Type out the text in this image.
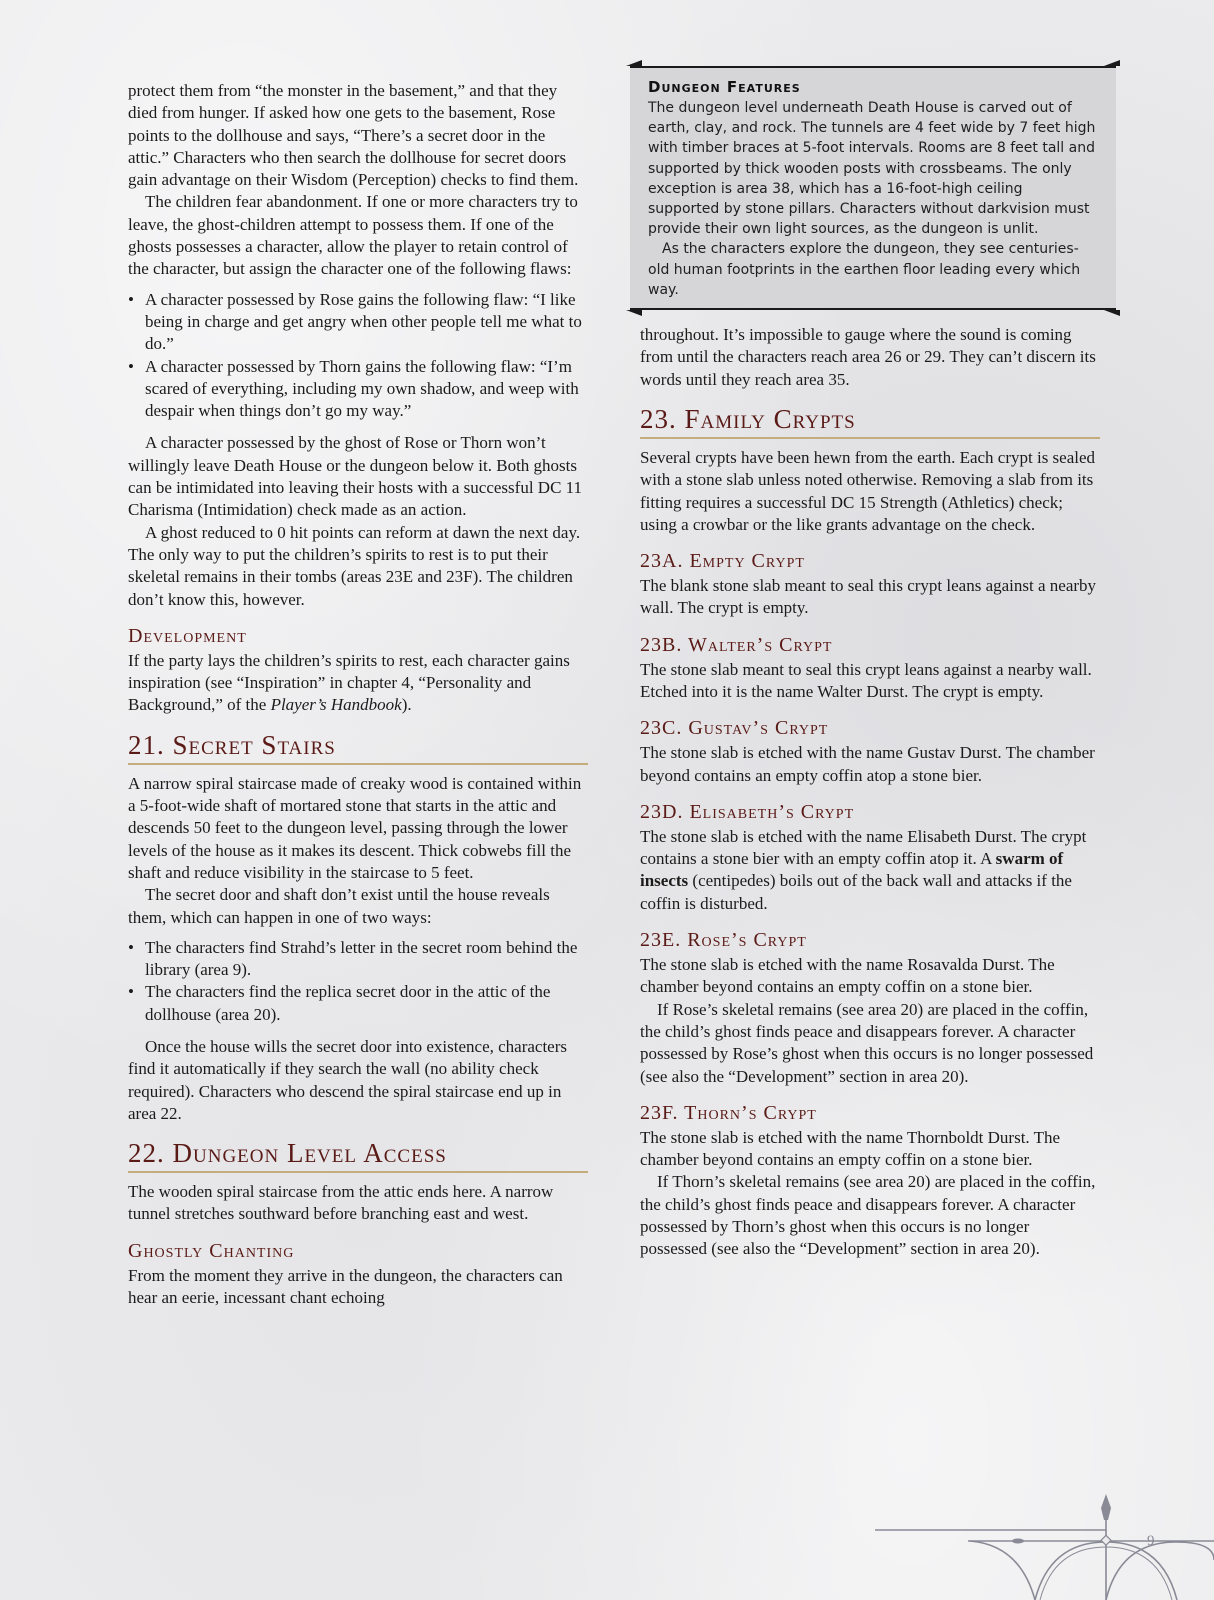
protect them from “the monster in the basement,” and that they died from hunger. If asked how one gets to the basement, Rose points to the dollhouse and says, “There’s a secret door in the attic.” Characters who then search the dollhouse for secret doors gain advantage on their Wisdom (Perception) checks to find them.

The children fear abandonment. If one or more characters try to leave, the ghost-children attempt to possess them. If one of the ghosts possesses a character, allow the player to retain control of the character, but assign the character one of the following flaws:

• A character possessed by Rose gains the following flaw: “I like being in charge and get angry when other people tell me what to do.”
• A character possessed by Thorn gains the following flaw: “I’m scared of everything, including my own shadow, and weep with despair when things don’t go my way.”

A character possessed by the ghost of Rose or Thorn won’t willingly leave Death House or the dungeon below it. Both ghosts can be intimidated into leaving their hosts with a successful DC 11 Charisma (Intimidation) check made as an action.

A ghost reduced to 0 hit points can reform at dawn the next day. The only way to put the children’s spirits to rest is to put their skeletal remains in their tombs (areas 23E and 23F). The children don’t know this, however.

Development

If the party lays the children’s spirits to rest, each character gains inspiration (see “Inspiration” in chapter 4, “Personality and Background,” of the Player’s Handbook).

21. Secret Stairs

A narrow spiral staircase made of creaky wood is contained within a 5-foot-wide shaft of mortared stone that starts in the attic and descends 50 feet to the dungeon level, passing through the lower levels of the house as it makes its descent. Thick cobwebs fill the shaft and reduce visibility in the staircase to 5 feet.

The secret door and shaft don’t exist until the house reveals them, which can happen in one of two ways:

• The characters find Strahd’s letter in the secret room behind the library (area 9).
• The characters find the replica secret door in the attic of the dollhouse (area 20).

Once the house wills the secret door into existence, characters find it automatically if they search the wall (no ability check required). Characters who descend the spiral staircase end up in area 22.

22. Dungeon Level Access

The wooden spiral staircase from the attic ends here. A narrow tunnel stretches southward before branching east and west.

Ghostly Chanting

From the moment they arrive in the dungeon, the characters can hear an eerie, incessant chant echoing

Dungeon Features

The dungeon level underneath Death House is carved out of earth, clay, and rock. The tunnels are 4 feet wide by 7 feet high with timber braces at 5-foot intervals. Rooms are 8 feet tall and supported by thick wooden posts with crossbeams. The only exception is area 38, which has a 16-foot-high ceiling supported by stone pillars. Characters without darkvision must provide their own light sources, as the dungeon is unlit.

As the characters explore the dungeon, they see centuries-old human footprints in the earthen floor leading every which way.

throughout. It’s impossible to gauge where the sound is coming from until the characters reach area 26 or 29. They can’t discern its words until they reach area 35.

23. Family Crypts

Several crypts have been hewn from the earth. Each crypt is sealed with a stone slab unless noted otherwise. Removing a slab from its fitting requires a successful DC 15 Strength (Athletics) check; using a crowbar or the like grants advantage on the check.

23A. Empty Crypt

The blank stone slab meant to seal this crypt leans against a nearby wall. The crypt is empty.

23B. Walter’s Crypt

The stone slab meant to seal this crypt leans against a nearby wall. Etched into it is the name Walter Durst. The crypt is empty.

23C. Gustav’s Crypt

The stone slab is etched with the name Gustav Durst. The chamber beyond contains an empty coffin atop a stone bier.

23D. Elisabeth’s Crypt

The stone slab is etched with the name Elisabeth Durst. The crypt contains a stone bier with an empty coffin atop it. A swarm of insects (centipedes) boils out of the back wall and attacks if the coffin is disturbed.

23E. Rose’s Crypt

The stone slab is etched with the name Rosavalda Durst. The chamber beyond contains an empty coffin on a stone bier.

If Rose’s skeletal remains (see area 20) are placed in the coffin, the child’s ghost finds peace and disappears forever. A character possessed by Rose’s ghost when this occurs is no longer possessed (see also the “Development” section in area 20).

23F. Thorn’s Crypt

The stone slab is etched with the name Thornboldt Durst. The chamber beyond contains an empty coffin on a stone bier.

If Thorn’s skeletal remains (see area 20) are placed in the coffin, the child’s ghost finds peace and disappears forever. A character possessed by Thorn’s ghost when this occurs is no longer possessed (see also the “Development” section in area 20).

9
